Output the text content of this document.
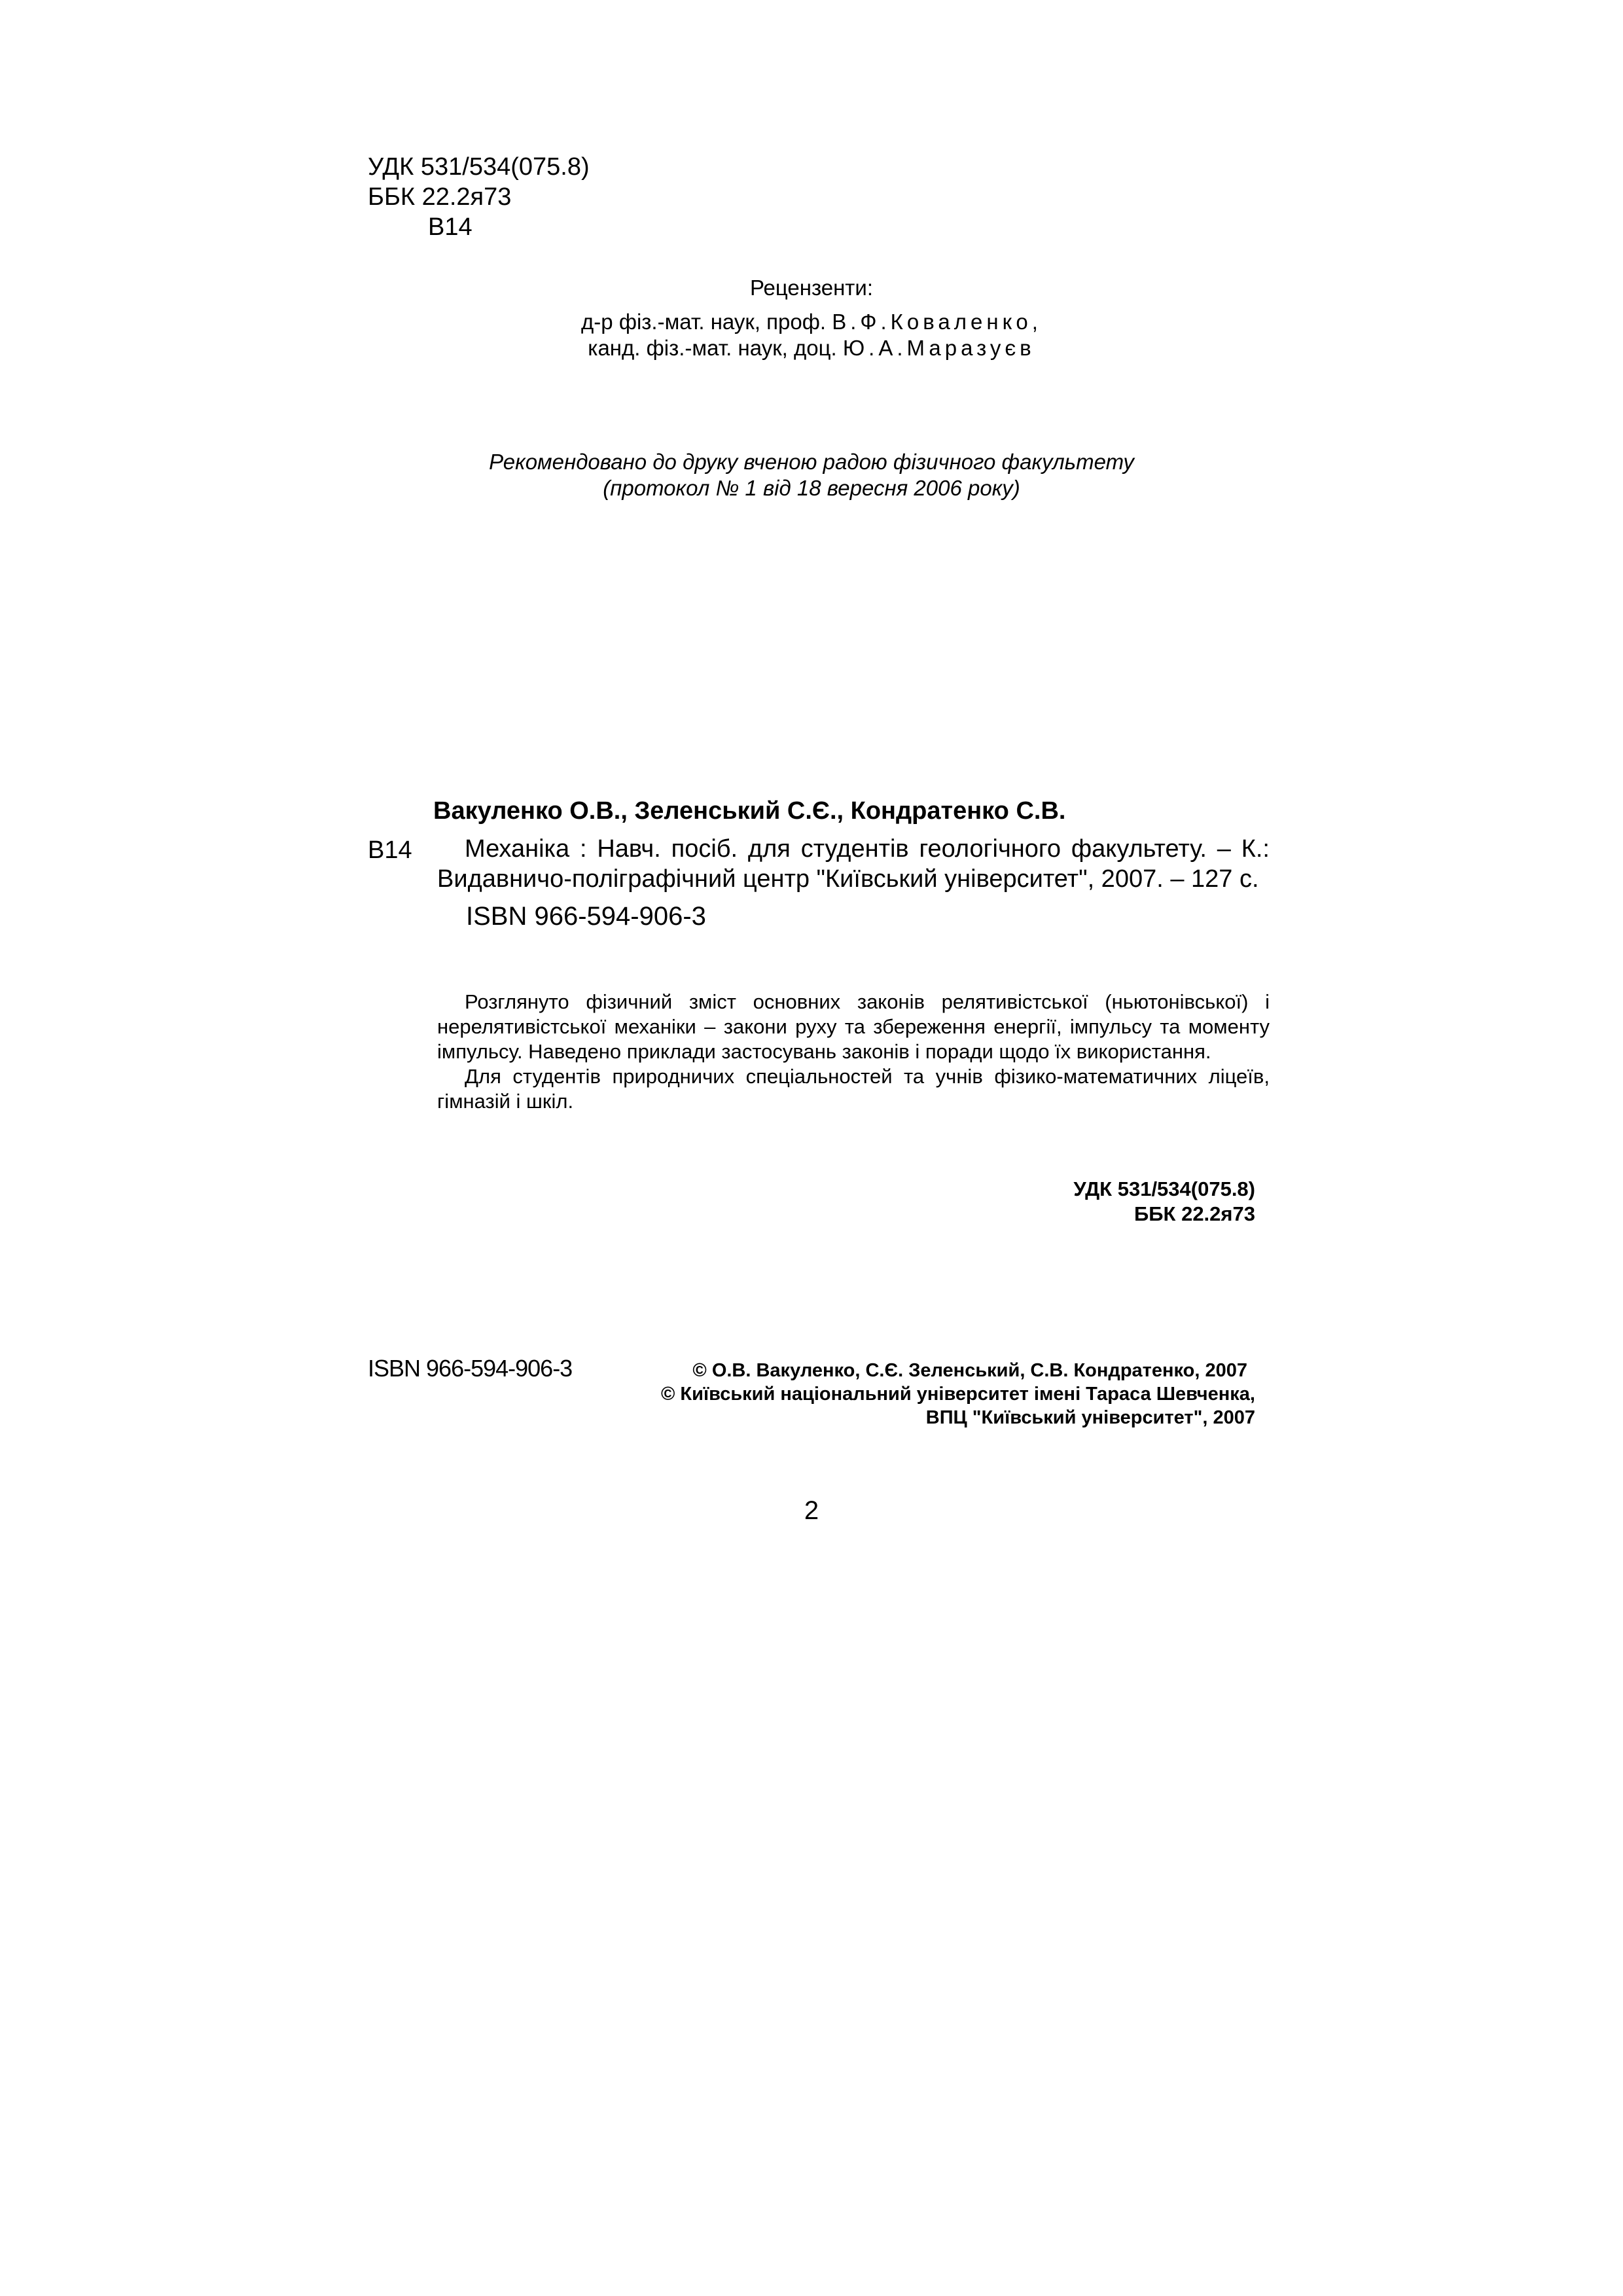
УДК 531/534(075.8)
ББК 22.2я73
В14
Рецензенти:
д-р фіз.-мат. наук, проф. В.Ф.Коваленко,
канд. фіз.-мат. наук, доц. Ю.А.Маразуєв
Рекомендовано до друку вченою радою фізичного факультету
(протокол № 1 від 18 вересня 2006 року)
Вакуленко О.В., Зеленський С.Є., Кондратенко С.В.
В14	Механіка : Навч. посіб. для студентів геологічного факультету. – К.: Видавничо-поліграфічний центр "Київський університет", 2007. – 127 с.
ISBN 966-594-906-3

Розглянуто фізичний зміст основних законів релятивістської (ньютонівської) і нерелятивістської механіки – закони руху та збереження енергії, імпульсу та моменту імпульсу. Наведено приклади застосувань законів і поради щодо їх використання.

Для студентів природничих спеціальностей та учнів фізико-математичних ліцеїв, гімназій і шкіл.

УДК 531/534(075.8)
ББК 22.2я73
ISBN 966-594-906-3	© О.В. Вакуленко, С.Є. Зеленський, С.В. Кондратенко, 2007
© Київський національний університет імені Тараса Шевченка,
ВПЦ "Київський університет", 2007
2
